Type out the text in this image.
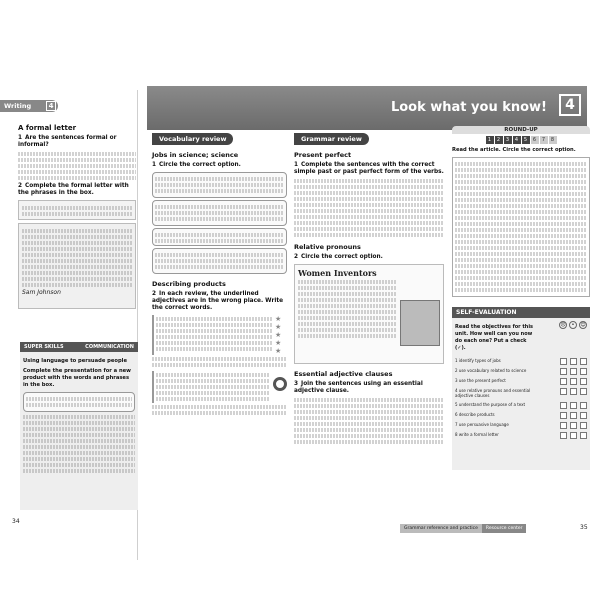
Writing	4
A formal letter
1 Are the sentences formal or informal?
2 Complete the formal letter with the phrases in the box.
Sam Johnson
SUPER SKILLS	COMMUNICATION
Using language to persuade people
Complete the presentation for a new product with the words and phrases in the box.
34
Look what you know!	4
Vocabulary review
Jobs in science; science
1 Circle the correct option.
Describing products
2 In each review, the underlined adjectives are in the wrong place. Write the correct words.
★
★
★
★
★
Grammar review
Present perfect
1 Complete the sentences with the correct simple past or past perfect form of the verbs.
Relative pronouns
2 Circle the correct option.
Women Inventors
Essential adjective clauses
3 Join the sentences using an essential adjective clause.
ROUND-UP
1	2	3	4	5	6	7	8
Read the article. Circle the correct option.
SELF-EVALUATION
Read the objectives for this unit. How well can you now do each one? Put a check (✓).
☹	•	☺
1 identify types of jobs
2 use vocabulary related to science
3 use the present perfect
4 use relative pronouns and essential adjective clauses
5 understand the purpose of a text
6 describe products
7 use persuasive language
8 write a formal letter
Grammar reference and practice	Resource center	35
